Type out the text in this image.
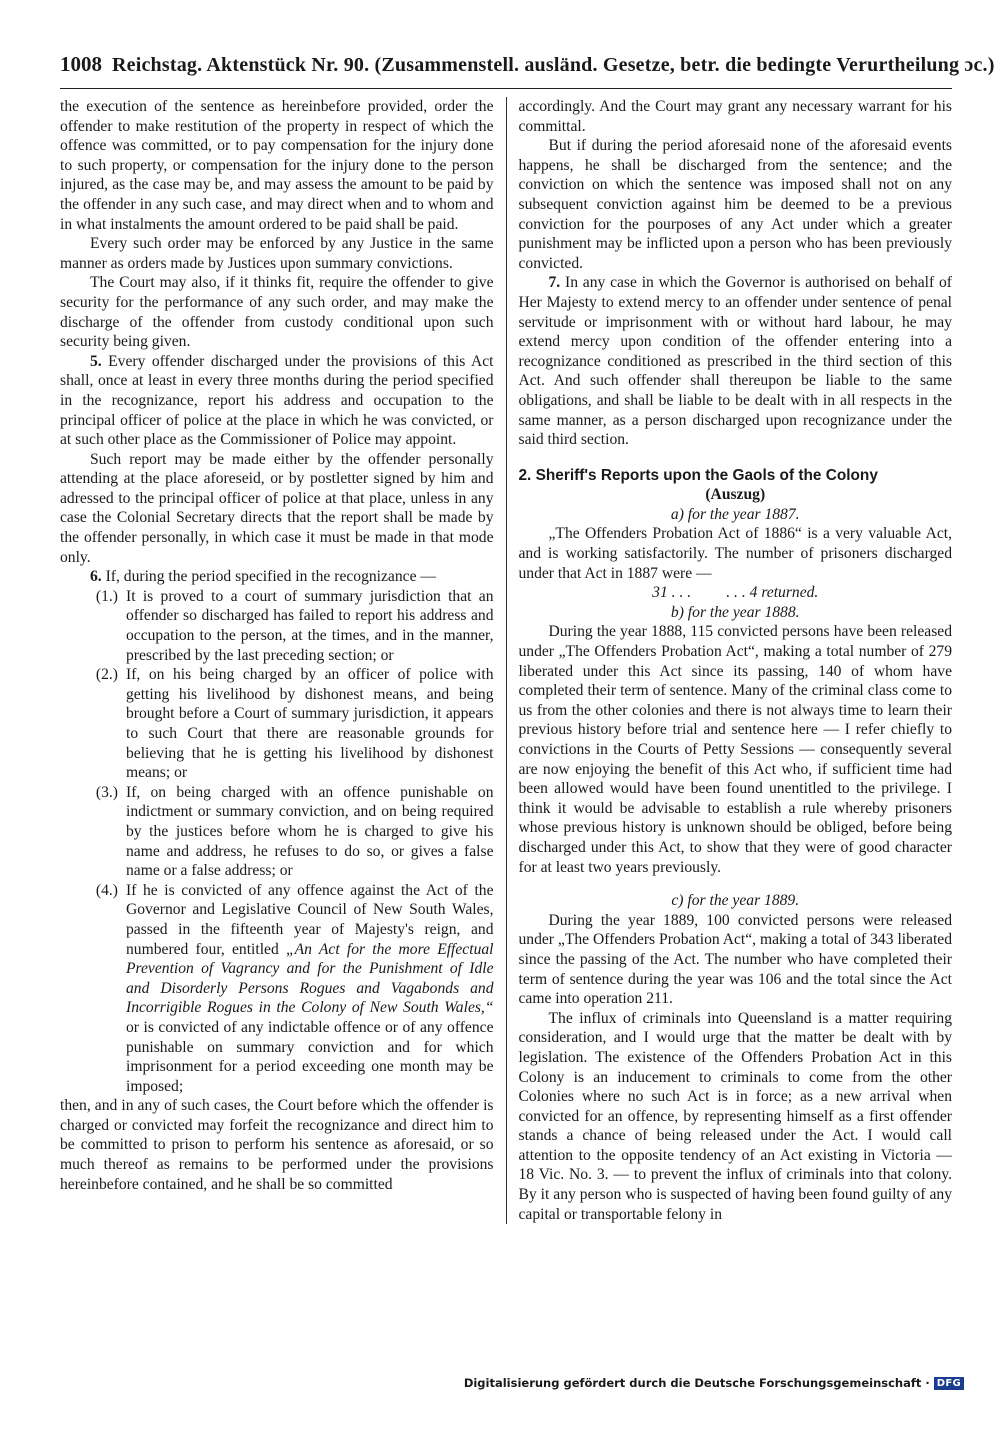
1008 Reichstag. Aktenstück Nr. 90. (Zusammenstell. ausländ. Gesetze, betr. die bedingte Verurtheilung ɔc.)

the execution of the sentence as hereinbefore provided, order the offender to make restitution of the property in respect of which the offence was committed, or to pay compensation for the injury done to such property, or compensation for the injury done to the person injured, as the case may be, and may assess the amount to be paid by the offender in any such case, and may direct when and to whom and in what instalments the amount ordered to be paid shall be paid.

Every such order may be enforced by any Justice in the same manner as orders made by Justices upon summary convictions.

The Court may also, if it thinks fit, require the offender to give security for the performance of any such order, and may make the discharge of the offender from custody conditional upon such security being given.

5. Every offender discharged under the provisions of this Act shall, once at least in every three months during the period specified in the recognizance, report his address and occupation to the principal officer of police at the place in which he was convicted, or at such other place as the Commissioner of Police may appoint.

Such report may be made either by the offender personally attending at the place aforeseid, or by postletter signed by him and adressed to the principal officer of police at that place, unless in any case the Colonial Secretary directs that the report shall be made by the offender personally, in which case it must be made in that mode only.

6. If, during the period specified in the recognizance —

(1.) It is proved to a court of summary jurisdiction that an offender so discharged has failed to report his address and occupation to the person, at the times, and in the manner, prescribed by the last preceding section; or
(2.) If, on his being charged by an officer of police with getting his livelihood by dishonest means, and being brought before a Court of summary jurisdiction, it appears to such Court that there are reasonable grounds for believing that he is getting his livelihood by dishonest means; or
(3.) If, on being charged with an offence punishable on indictment or summary conviction, and on being required by the justices before whom he is charged to give his name and address, he refuses to do so, or gives a false name or a false address; or
(4.) If he is convicted of any offence against the Act of the Governor and Legislative Council of New South Wales, passed in the fifteenth year of Majesty's reign, and numbered four, entitled „An Act for the more Effectual Prevention of Vagrancy and for the Punishment of Idle and Disorderly Persons Rogues and Vagabonds and Incorrigible Rogues in the Colony of New South Wales,“ or is convicted of any indictable offence or of any offence punishable on summary conviction and for which imprisonment for a period exceeding one month may be imposed;

then, and in any of such cases, the Court before which the offender is charged or convicted may forfeit the recognizance and direct him to be committed to prison to perform his sentence as aforesaid, or so much thereof as remains to be performed under the provisions hereinbefore contained, and he shall be so committed

accordingly. And the Court may grant any necessary warrant for his committal.

But if during the period aforesaid none of the aforesaid events happens, he shall be discharged from the sentence; and the conviction on which the sentence was imposed shall not on any subsequent conviction against him be deemed to be a previous conviction for the pourposes of any Act under which a greater punishment may be inflicted upon a person who has been previously convicted.

7. In any case in which the Governor is authorised on behalf of Her Majesty to extend mercy to an offender under sentence of penal servitude or imprisonment with or without hard labour, he may extend mercy upon condition of the offender entering into a recognizance conditioned as prescribed in the third section of this Act. And such offender shall thereupon be liable to the same obligations, and shall be liable to be dealt with in all respects in the same manner, as a person discharged upon recognizance under the said third section.

2. Sheriff's Reports upon the Gaols of the Colony

(Auszug)

a) for the year 1887.

„The Offenders Probation Act of 1886“ is a very valuable Act, and is working satisfactorily. The number of prisoners discharged under that Act in 1887 were —

31 . . .         . . . 4 returned.

b) for the year 1888.

During the year 1888, 115 convicted persons have been released under „The Offenders Probation Act“, making a total number of 279 liberated under this Act since its passing, 140 of whom have completed their term of sentence. Many of the criminal class come to us from the other colonies and there is not always time to learn their previous history before trial and sentence here — I refer chiefly to convictions in the Courts of Petty Sessions — consequently several are now enjoying the benefit of this Act who, if sufficient time had been allowed would have been found unentitled to the privilege. I think it would be advisable to establish a rule whereby prisoners whose previous history is unknown should be obliged, before being discharged under this Act, to show that they were of good character for at least two years previously.

c) for the year 1889.

During the year 1889, 100 convicted persons were released under „The Offenders Probation Act“, making a total of 343 liberated since the passing of the Act. The number who have completed their term of sentence during the year was 106 and the total since the Act came into operation 211.

The influx of criminals into Queensland is a matter requiring consideration, and I would urge that the matter be dealt with by legislation. The existence of the Offenders Probation Act in this Colony is an inducement to criminals to come from the other Colonies where no such Act is in force; as a new arrival when convicted for an offence, by representing himself as a first offender stands a chance of being released under the Act. I would call attention to the opposite tendency of an Act existing in Victoria — 18 Vic. No. 3. — to prevent the influx of criminals into that colony. By it any person who is suspected of having been found guilty of any capital or transportable felony in

Digitalisierung gefördert durch die Deutsche Forschungsgemeinschaft · DFG
